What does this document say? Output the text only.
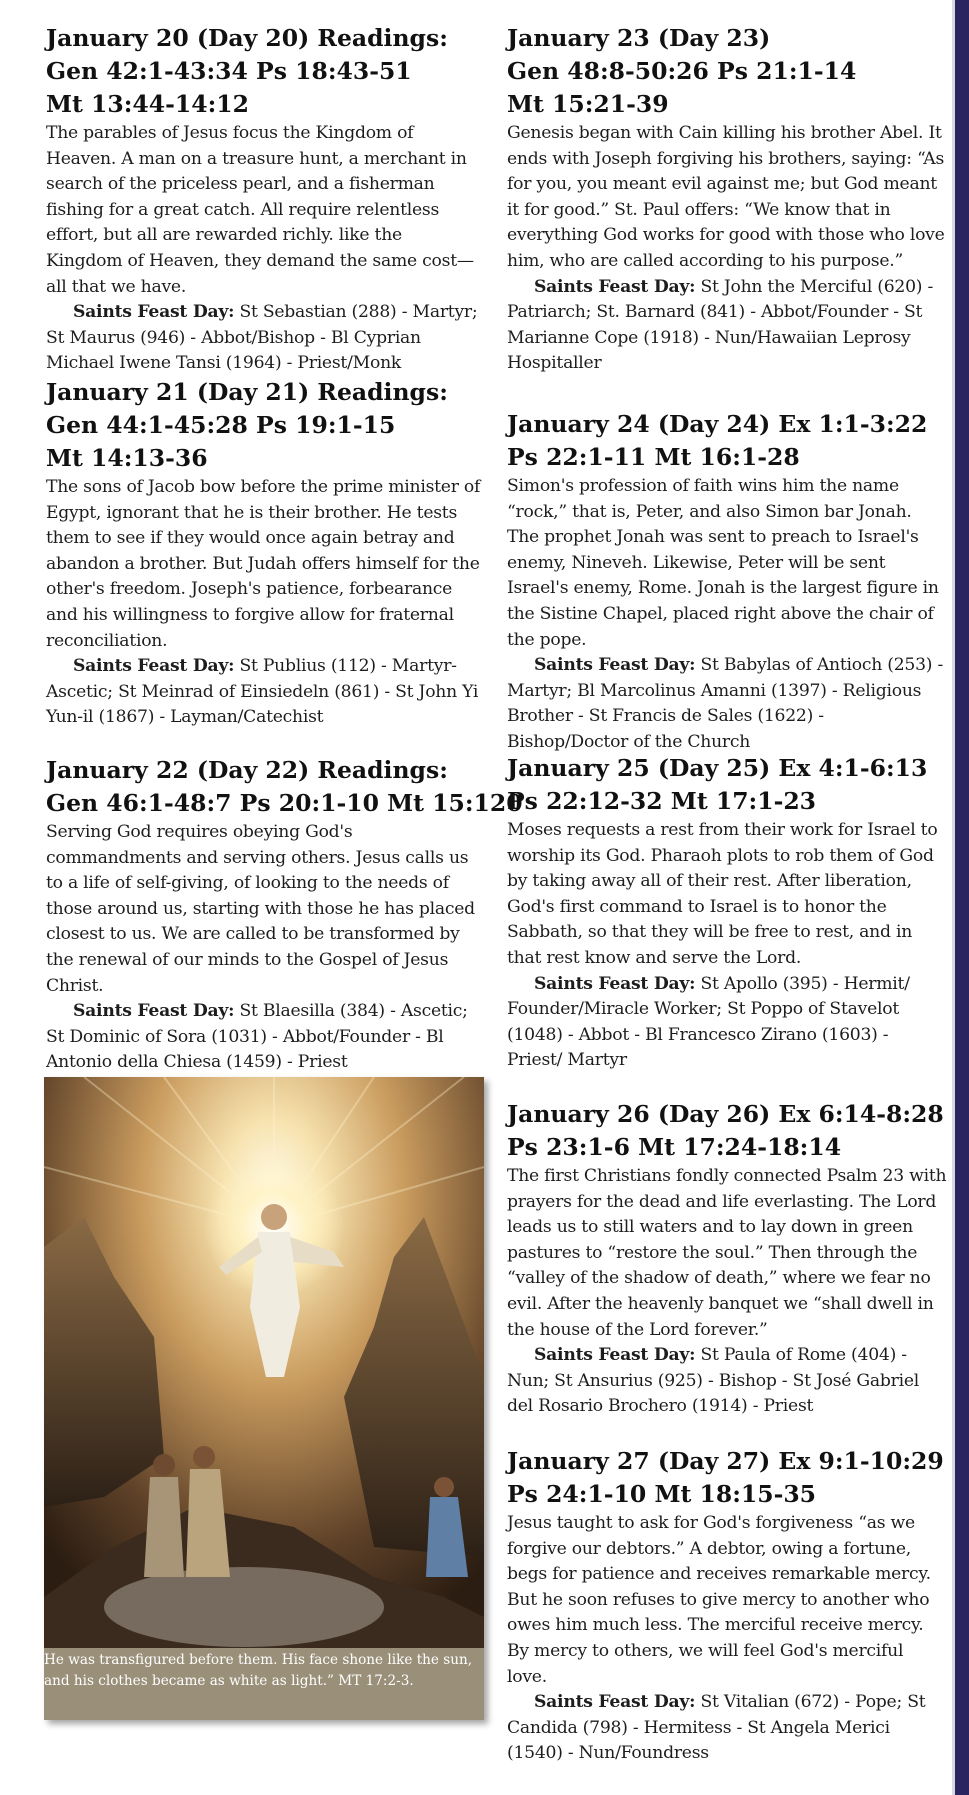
January 20 (Day 20) Readings:

Gen 42:1-43:34 Ps 18:43-51

Mt 13:44-14:12

The parables of Jesus focus the Kingdom of Heaven. A man on a treasure hunt, a merchant in search of the priceless pearl, and a fisherman fishing for a great catch. All require relentless effort, but all are rewarded richly. like the Kingdom of Heaven, they demand the same cost—all that we have.

Saints Feast Day: St Sebastian (288) - Martyr; St Maurus (946) - Abbot/Bishop - Bl Cyprian Michael Iwene Tansi (1964) - Priest/Monk

January 21 (Day 21) Readings:

Gen 44:1-45:28 Ps 19:1-15

Mt 14:13-36

The sons of Jacob bow before the prime minister of Egypt, ignorant that he is their brother. He tests them to see if they would once again betray and abandon a brother. But Judah offers himself for the other's freedom. Joseph's patience, forbearance and his willingness to forgive allow for fraternal reconciliation.

Saints Feast Day: St Publius (112) - Martyr-Ascetic; St Meinrad of Einsiedeln (861) - St John Yi Yun-il (1867) - Layman/Catechist

January 22 (Day 22) Readings:

Gen 46:1-48:7 Ps 20:1-10 Mt 15:120

Serving God requires obeying God's commandments and serving others. Jesus calls us to a life of self-giving, of looking to the needs of those around us, starting with those he has placed closest to us. We are called to be transformed by the renewal of our minds to the Gospel of Jesus Christ.

Saints Feast Day: St Blaesilla (384) - Ascetic; St Dominic of Sora (1031) - Abbot/Founder - Bl Antonio della Chiesa (1459) - Priest

He was transfigured before them. His face shone like the sun, and his clothes became as white as light.” MT 17:2-3.

January 23 (Day 23)

Gen 48:8-50:26 Ps 21:1-14

Mt 15:21-39

Genesis began with Cain killing his brother Abel. It ends with Joseph forgiving his brothers, saying: “As for you, you meant evil against me; but God meant it for good.” St. Paul offers: “We know that in everything God works for good with those who love him, who are called according to his purpose.”

Saints Feast Day: St John the Merciful (620) - Patriarch; St. Barnard (841) - Abbot/Founder - St Marianne Cope (1918) - Nun/Hawaiian Leprosy Hospitaller

January 24 (Day 24) Ex 1:1-3:22

Ps 22:1-11 Mt 16:1-28

Simon's profession of faith wins him the name “rock,” that is, Peter, and also Simon bar Jonah. The prophet Jonah was sent to preach to Israel's enemy, Nineveh. Likewise, Peter will be sent Israel's enemy, Rome. Jonah is the largest figure in the Sistine Chapel, placed right above the chair of the pope.

Saints Feast Day: St Babylas of Antioch (253) - Martyr; Bl Marcolinus Amanni (1397) - Religious Brother - St Francis de Sales (1622) - Bishop/Doctor of the Church

January 25 (Day 25) Ex 4:1-6:13

Ps 22:12-32 Mt 17:1-23

Moses requests a rest from their work for Israel to worship its God. Pharaoh plots to rob them of God by taking away all of their rest. After liberation, God's first command to Israel is to honor the Sabbath, so that they will be free to rest, and in that rest know and serve the Lord.

Saints Feast Day: St Apollo (395) - Hermit/ Founder/Miracle Worker; St Poppo of Stavelot (1048) - Abbot - Bl Francesco Zirano (1603) - Priest/ Martyr

January 26 (Day 26) Ex 6:14-8:28

Ps 23:1-6 Mt 17:24-18:14

The first Christians fondly connected Psalm 23 with prayers for the dead and life everlasting. The Lord leads us to still waters and to lay down in green pastures to “restore the soul.” Then through the “valley of the shadow of death,” where we fear no evil. After the heavenly banquet we “shall dwell in the house of the Lord forever.”

Saints Feast Day: St Paula of Rome (404) - Nun; St Ansurius (925) - Bishop - St José Gabriel del Rosario Brochero (1914) - Priest

January 27 (Day 27) Ex 9:1-10:29

Ps 24:1-10 Mt 18:15-35

Jesus taught to ask for God's forgiveness “as we forgive our debtors.” A debtor, owing a fortune, begs for patience and receives remarkable mercy. But he soon refuses to give mercy to another who owes him much less. The merciful receive mercy. By mercy to others, we will feel God's merciful love.

Saints Feast Day: St Vitalian (672) - Pope; St Candida (798) - Hermitess - St Angela Merici (1540) - Nun/Foundress
